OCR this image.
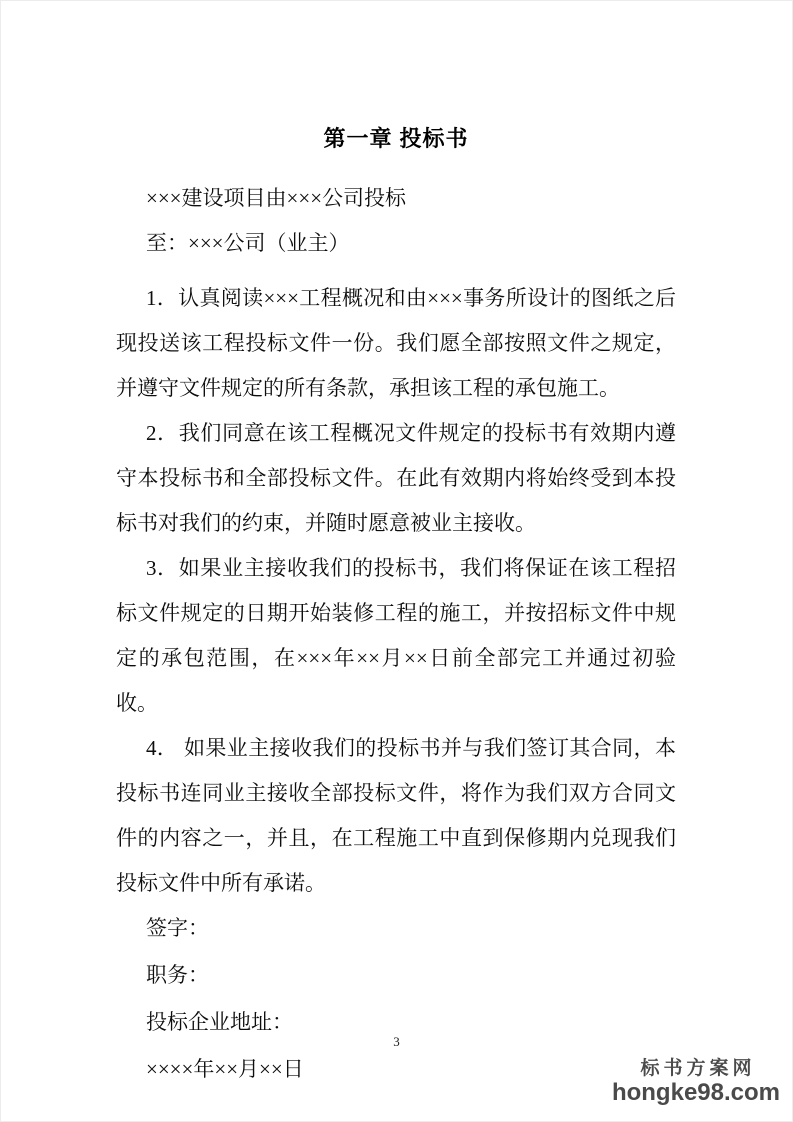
第一章 投标书

×××建设项目由×××公司投标

至：×××公司（业主）

1．认真阅读×××工程概况和由×××事务所设计的图纸之后现投送该工程投标文件一份。我们愿全部按照文件之规定，并遵守文件规定的所有条款，承担该工程的承包施工。

2．我们同意在该工程概况文件规定的投标书有效期内遵守本投标书和全部投标文件。在此有效期内将始终受到本投标书对我们的约束，并随时愿意被业主接收。

3．如果业主接收我们的投标书，我们将保证在该工程招标文件规定的日期开始装修工程的施工，并按招标文件中规定的承包范围，在×××年××月××日前全部完工并通过初验收。

4． 如果业主接收我们的投标书并与我们签订其合同，本投标书连同业主接收全部投标文件，将作为我们双方合同文件的内容之一，并且，在工程施工中直到保修期内兑现我们投标文件中所有承诺。

签字：

职务：

投标企业地址：

××××年××月××日

3
标书方案网
hongke98.com
